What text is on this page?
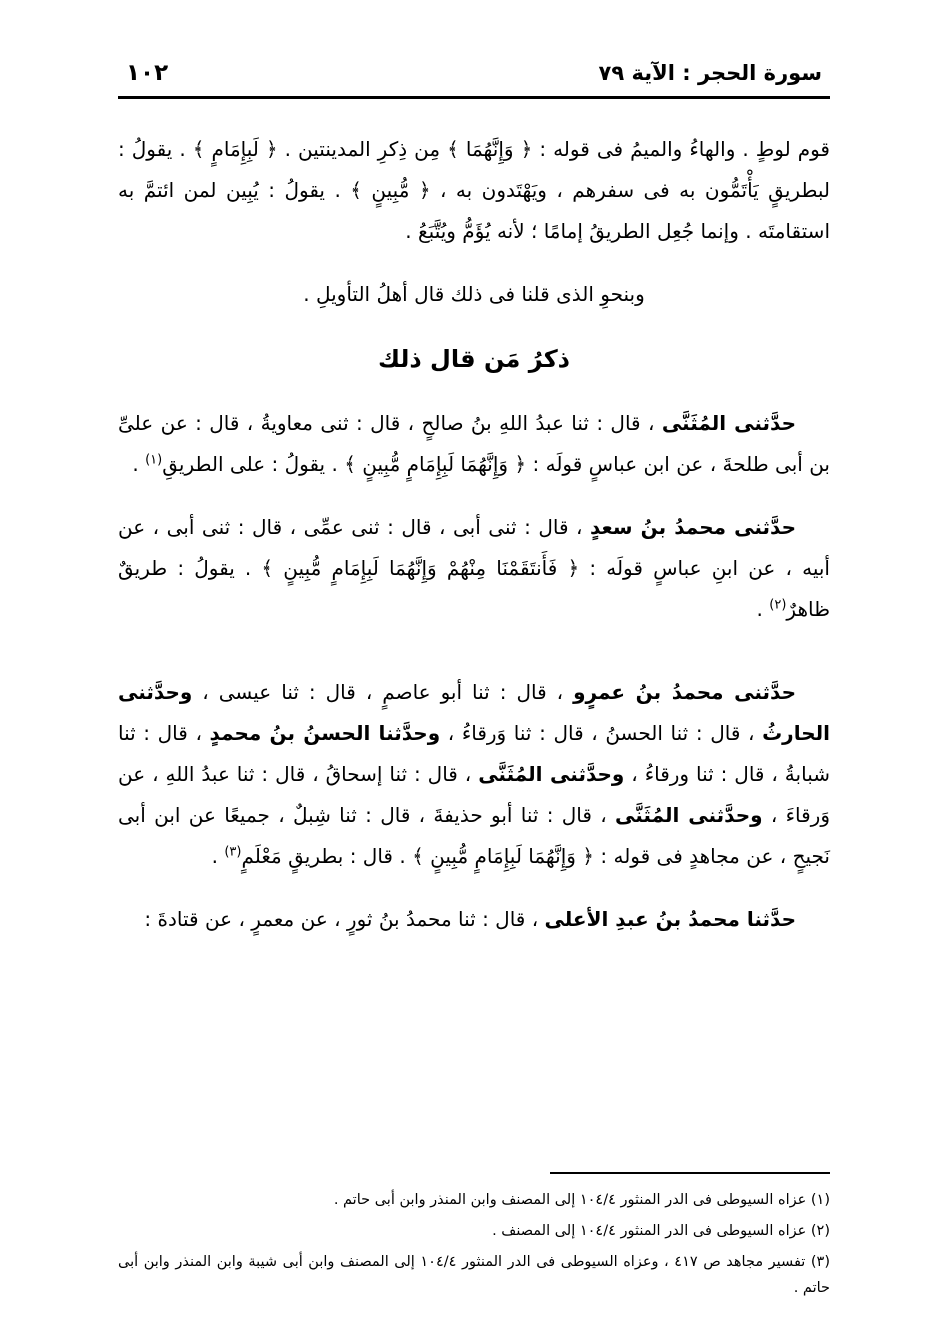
١٠٢	سورة الحجر : الآية ٧٩

قوم لوطٍ . والهاءُ والميمُ فى قوله : ﴿ وَإِنَّهُمَا ﴾ مِن ذِكرِ المدينتين . ﴿ لَبِإِمَامٍ ﴾ . يقولُ : لبطريقٍ يَأْتَمُّون به فى سفرهم ، ويَهْتَدون به ، ﴿ مُّبِينٍ ﴾ . يقولُ : يُبِين لمن ائتمَّ به استقامتَه . وإنما جُعِل الطريقُ إمامًا ؛ لأنه يُؤَمُّ ويُتَّبَعُ .

وبنحوِ الذى قلنا فى ذلك قال أهلُ التأويلِ .

ذكرُ مَن قال ذلك

حدَّثنى المُثَنَّى ، قال : ثنا عبدُ اللهِ بنُ صالحٍ ، قال : ثنى معاويةُ ، قال : عن علىِّ بن أبى طلحةَ ، عن ابن عباسٍ قولَه : ﴿ وَإِنَّهُمَا لَبِإِمَامٍ مُّبِينٍ ﴾ . يقولُ : على الطريقِ$^{(١)}$ .

حدَّثنى محمدُ بنُ سعدٍ ، قال : ثنى أبى ، قال : ثنى عمِّى ، قال : ثنى أبى ، عن أبيه ، عن ابنِ عباسٍ قولَه : ﴿ فَأَنتَقَمْنَا مِنْهُمْ وَإِنَّهُمَا لَبِإِمَامٍ مُّبِينٍ ﴾ . يقولُ : طريقٌ ظاهرٌ$^{(٢)}$ .

حدَّثنى محمدُ بنُ عمرٍو ، قال : ثنا أبو عاصمٍ ، قال : ثنا عيسى ، وحدَّثنى الحارثُ ، قال : ثنا الحسنُ ، قال : ثنا وَرقاءُ ، وحدَّثنا الحسنُ بنُ محمدٍ ، قال : ثنا شبابةُ ، قال : ثنا ورقاءُ ، وحدَّثنى المُثَنَّى ، قال : ثنا إسحاقُ ، قال : ثنا عبدُ اللهِ ، عن وَرقاءَ ، وحدَّثنى المُثَنَّى ، قال : ثنا أبو حذيفةَ ، قال : ثنا شِبلٌ ، جميعًا عن ابن أبى نَجيحٍ ، عن مجاهدٍ فى قوله : ﴿ وَإِنَّهُمَا لَبِإِمَامٍ مُّبِينٍ ﴾ . قال : بطريقٍ مَعْلَمٍ$^{(٣)}$ .

حدَّثنا محمدُ بنُ عبدِ الأعلى ، قال : ثنا محمدُ بنُ ثورٍ ، عن معمرٍ ، عن قتادةَ :

(١) عزاه السيوطى فى الدر المنثور ١٠٤/٤ إلى المصنف وابن المنذر وابن أبى حاتم .

(٢) عزاه السيوطى فى الدر المنثور ١٠٤/٤ إلى المصنف .

(٣) تفسير مجاهد ص ٤١٧ ، وعزاه السيوطى فى الدر المنثور ١٠٤/٤ إلى المصنف وابن أبى شيبة وابن المنذر وابن أبى حاتم .
